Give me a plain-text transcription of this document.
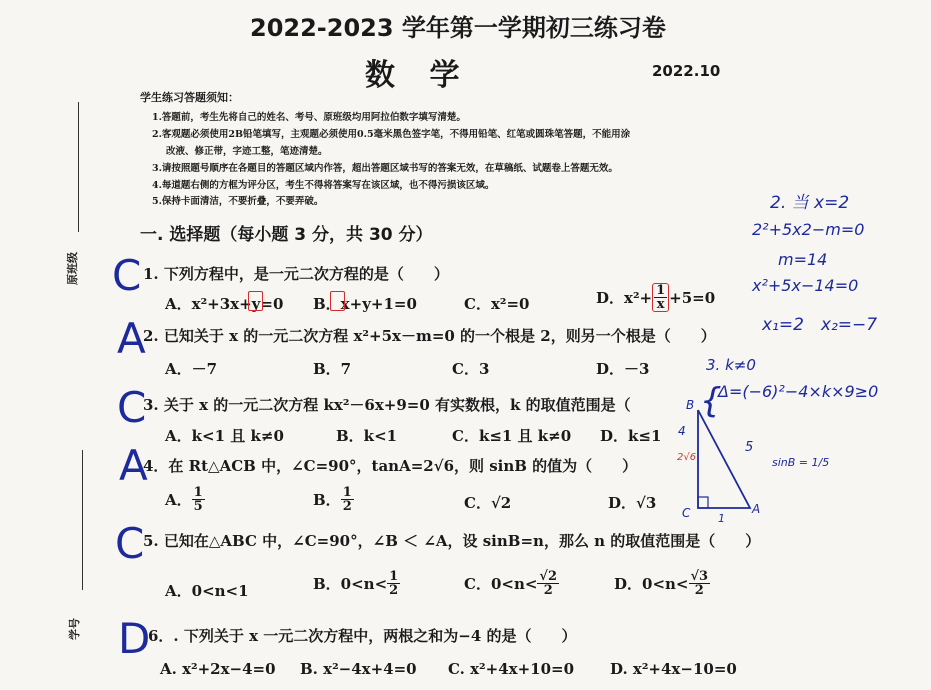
2022-2023 学年第一学期初三练习卷
数 学	2022.10
原班级
学号
学生练习答题须知：
1.答题前，考生先将自己的姓名、考号、原班级均用阿拉伯数字填写清楚。
2.客观题必须使用2B铅笔填写，主观题必须使用0.5毫米黑色签字笔，不得用铅笔、红笔或圆珠笔答题，不能用涂
改液、修正带，字迹工整，笔迹清楚。
3.请按照题号顺序在各题目的答题区域内作答，超出答题区域书写的答案无效，在草稿纸、试题卷上答题无效。
4.每道题右侧的方框为评分区，考生不得将答案写在该区域，也不得污损该区域。
5.保持卡面清洁，不要折叠，不要弄破。
一. 选择题（每小题 3 分，共 30 分）
C 1. 下列方程中，是一元二次方程的是（　　）
A．x²+3x+y=0 B．x+y+1=0	C．x²=0	D．$x^2+ \frac{1}{x} +5=0$
A
2. 已知关于 x 的一元二次方程 x²+5x－m=0 的一个根是 2，则另一个根是（　　）
A．－7	B．7	C．3	D．－3
C
3. 关于 x 的一元二次方程 kx²－6x+9=0 有实数根，k 的取值范围是（
A．k<1 且 k≠0	B．k<1	C．k≤1 且 k≠0 D．k≤1
A
4．在 Rt△ACB 中，∠C=90°，tanA=2√6，则 sinB 的值为（　　）
A． $\frac{1}{5}$	B． $\frac{1}{2}$	C．√2	D．√3
C
5. 已知在△ABC 中，∠C=90°，∠B ＜ ∠A，设 sinB=n，那么 n 的取值范围是（　　）
A．0<n<1	B．$0<n< \frac{1}{2}$	C．$0<n< \frac{√2}{2}$	D．$0<n< \frac{√3}{2}$
D
6．. 下列关于 x 一元二次方程中，两根之和为−4 的是（　　）
A. x²+2x−4=0 B. x²−4x+4=0 C. x²+4x+10=0 D. x²+4x−10=0
2. 当 x=2
2²+5x2−m=0
m=14
x²+5x−14=0
x₁=2　x₂=−7
3. k≠0
{
Δ=(−6)²−4×k×9≥0
B
C	A
4
5
1
2√6	sinB = 1/5
